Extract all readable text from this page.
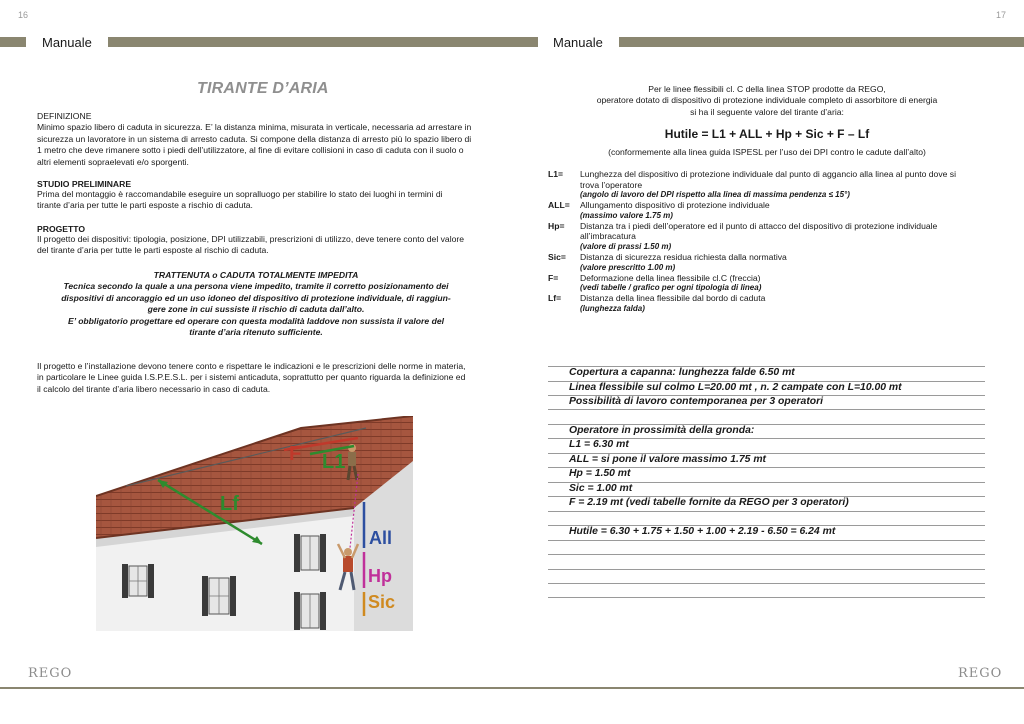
16
Manuale
TIRANTE D’ARIA
DEFINIZIONE
Minimo spazio libero di caduta in sicurezza. E’ la distanza minima, misurata in verticale, necessaria ad arrestare in
sicurezza un lavoratore in un sistema di arresto caduta. Si compone della distanza di arresto più lo spazio libero di
1 metro che deve rimanere sotto i piedi dell’utilizzatore, al fine di evitare collisioni in caso di caduta con il suolo o
altri elementi sopraelevati e/o sporgenti.
STUDIO PRELIMINARE
Prima del montaggio è raccomandabile eseguire un sopralluogo per stabilire lo stato dei luoghi in termini di
tirante d’aria per tutte le parti esposte a rischio di caduta.
PROGETTO
Il progetto dei dispositivi: tipologia, posizione, DPI utilizzabili, prescrizioni di utilizzo, deve tenere conto del valore
del tirante d’aria per tutte le parti esposte al rischio di caduta.
TRATTENUTA o CADUTA TOTALMENTE IMPEDITA
Tecnica secondo la quale a una persona viene impedito, tramite il corretto posizionamento dei
dispositivi di ancoraggio ed un uso idoneo del dispositivo di protezione individuale, di raggiun-
gere zone in cui sussiste il rischio di caduta dall’alto.
E’ obbligatorio progettare ed operare con questa modalità laddove non sussista il valore del
tirante d’aria ritenuto sufficiente.
Il progetto e l’installazione devono tenere conto e rispettare le indicazioni e le prescrizioni delle norme in materia,
in particolare le Linee guida I.S.P.E.S.L. per i sistemi anticaduta, soprattutto per quanto riguarda la definizione ed
il calcolo del tirante d’aria libero necessario in caso di caduta.
F L1
Lf
All
Hp
Sic
REGO
17
Manuale
Per le linee flessibili cl. C della linea STOP prodotte da REGO,
operatore dotato di dispositivo di protezione individuale completo di assorbitore di energia
si ha il seguente valore del tirante d’aria:
Hutile = L1 + ALL + Hp + Sic + F – Lf
(conformemente alla linea guida ISPESL per l’uso dei DPI contro le cadute dall’alto)
L1=	Lunghezza del dispositivo di protezione individuale dal punto di aggancio alla linea al punto dove si
trova l’operatore
(angolo di lavoro del DPI rispetto alla linea di massima pendenza ≤ 15°)
ALL=	Allungamento dispositivo di protezione individuale
(massimo valore 1.75 m)
Hp=	Distanza tra i piedi dell’operatore ed il punto di attacco del dispositivo di protezione individuale
all’imbracatura
(valore di prassi 1.50 m)
Sic=	Distanza di sicurezza residua richiesta dalla normativa
(valore prescritto 1.00 m)
F=	Deformazione della linea flessibile cl.C (freccia)
(vedi tabelle / grafico per ogni tipologia di linea)
Lf=	Distanza della linea flessibile dal bordo di caduta
(lunghezza falda)
Copertura a capanna: lunghezza falde 6.50 mt
Linea flessibile sul colmo L=20.00 mt , n. 2 campate con L=10.00 mt
Possibilità di lavoro contemporanea per 3 operatori
Operatore in prossimità della gronda:
L1 = 6.30 mt
ALL = si pone il valore massimo 1.75 mt
Hp = 1.50 mt
Sic = 1.00 mt
F = 2.19 mt (vedi tabelle fornite da REGO per 3 operatori)
Hutile = 6.30 + 1.75 + 1.50 + 1.00 + 2.19 - 6.50 = 6.24 mt
REGO
